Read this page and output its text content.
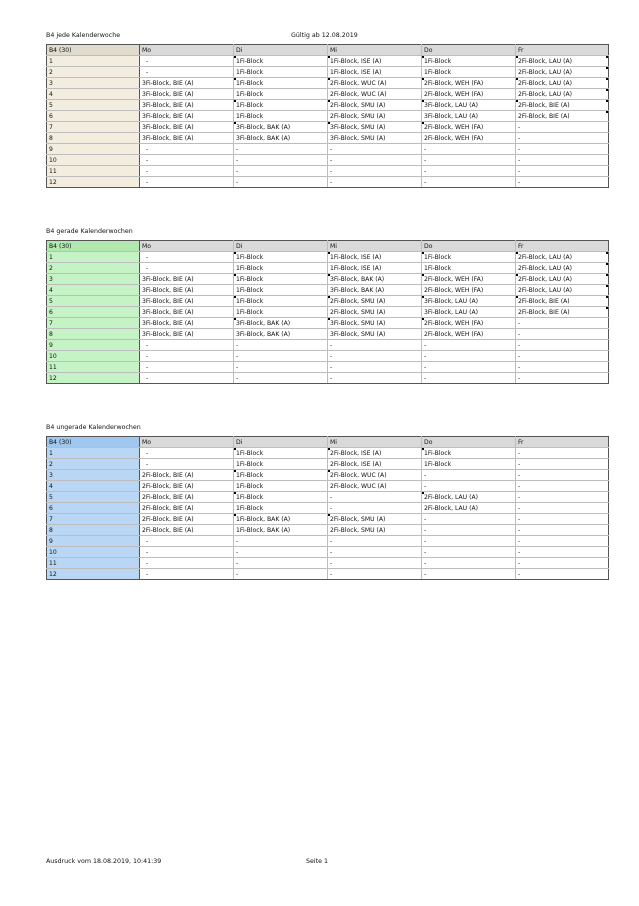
B4 jede Kalenderwoche	Gültig ab 12.08.2019
B4 (30)	Mo	Di	Mi	Do	Fr
1	-	1Fi-Block	1Fi-Block, ISE (A)	1Fi-Block	2Fi-Block, LAU (A)
2	-	1Fi-Block	1Fi-Block, ISE (A)	1Fi-Block	2Fi-Block, LAU (A)
3	3Fi-Block, BIE (A)	1Fi-Block	2Fi-Block, WUC (A)	2Fi-Block, WEH (FA)	2Fi-Block, LAU (A)
4	3Fi-Block, BIE (A)	1Fi-Block	2Fi-Block, WUC (A)	2Fi-Block, WEH (FA)	2Fi-Block, LAU (A)
5	3Fi-Block, BIE (A)	1Fi-Block	2Fi-Block, SMU (A)	3Fi-Block, LAU (A)	2Fi-Block, BIE (A)
6	3Fi-Block, BIE (A)	1Fi-Block	2Fi-Block, SMU (A)	3Fi-Block, LAU (A)	2Fi-Block, BIE (A)
7	3Fi-Block, BIE (A)	3Fi-Block, BAK (A)	3Fi-Block, SMU (A)	2Fi-Block, WEH (FA)	-
8	3Fi-Block, BIE (A)	3Fi-Block, BAK (A)	3Fi-Block, SMU (A)	2Fi-Block, WEH (FA)	-
9	-	-	-	-	-
10	-	-	-	-	-
11	-	-	-	-	-
12	-	-	-	-	-
B4 gerade Kalenderwochen
B4 (30)	Mo	Di	Mi	Do	Fr
1	-	1Fi-Block	1Fi-Block, ISE (A)	1Fi-Block	2Fi-Block, LAU (A)
2	-	1Fi-Block	1Fi-Block, ISE (A)	1Fi-Block	2Fi-Block, LAU (A)
3	3Fi-Block, BIE (A)	1Fi-Block	3Fi-Block, BAK (A)	2Fi-Block, WEH (FA)	2Fi-Block, LAU (A)
4	3Fi-Block, BIE (A)	1Fi-Block	3Fi-Block, BAK (A)	2Fi-Block, WEH (FA)	2Fi-Block, LAU (A)
5	3Fi-Block, BIE (A)	1Fi-Block	2Fi-Block, SMU (A)	3Fi-Block, LAU (A)	2Fi-Block, BIE (A)
6	3Fi-Block, BIE (A)	1Fi-Block	2Fi-Block, SMU (A)	3Fi-Block, LAU (A)	2Fi-Block, BIE (A)
7	3Fi-Block, BIE (A)	3Fi-Block, BAK (A)	3Fi-Block, SMU (A)	2Fi-Block, WEH (FA)	-
8	3Fi-Block, BIE (A)	3Fi-Block, BAK (A)	3Fi-Block, SMU (A)	2Fi-Block, WEH (FA)	-
9	-	-	-	-	-
10	-	-	-	-	-
11	-	-	-	-	-
12	-	-	-	-	-
B4 ungerade Kalenderwochen
B4 (30)	Mo	Di	Mi	Do	Fr
1	-	1Fi-Block	2Fi-Block, ISE (A)	1Fi-Block	-
2	-	1Fi-Block	2Fi-Block, ISE (A)	1Fi-Block	-
3	2Fi-Block, BIE (A)	1Fi-Block	2Fi-Block, WUC (A)	-	-
4	2Fi-Block, BIE (A)	1Fi-Block	2Fi-Block, WUC (A)	-	-
5	2Fi-Block, BIE (A)	1Fi-Block	-	2Fi-Block, LAU (A)	-
6	2Fi-Block, BIE (A)	1Fi-Block	-	2Fi-Block, LAU (A)	-
7	2Fi-Block, BIE (A)	1Fi-Block, BAK (A)	2Fi-Block, SMU (A)	-	-
8	2Fi-Block, BIE (A)	1Fi-Block, BAK (A)	2Fi-Block, SMU (A)	-	-
9	-	-	-	-	-
10	-	-	-	-	-
11	-	-	-	-	-
12	-	-	-	-	-
Ausdruck vom 18.08.2019, 10:41:39	Seite 1
